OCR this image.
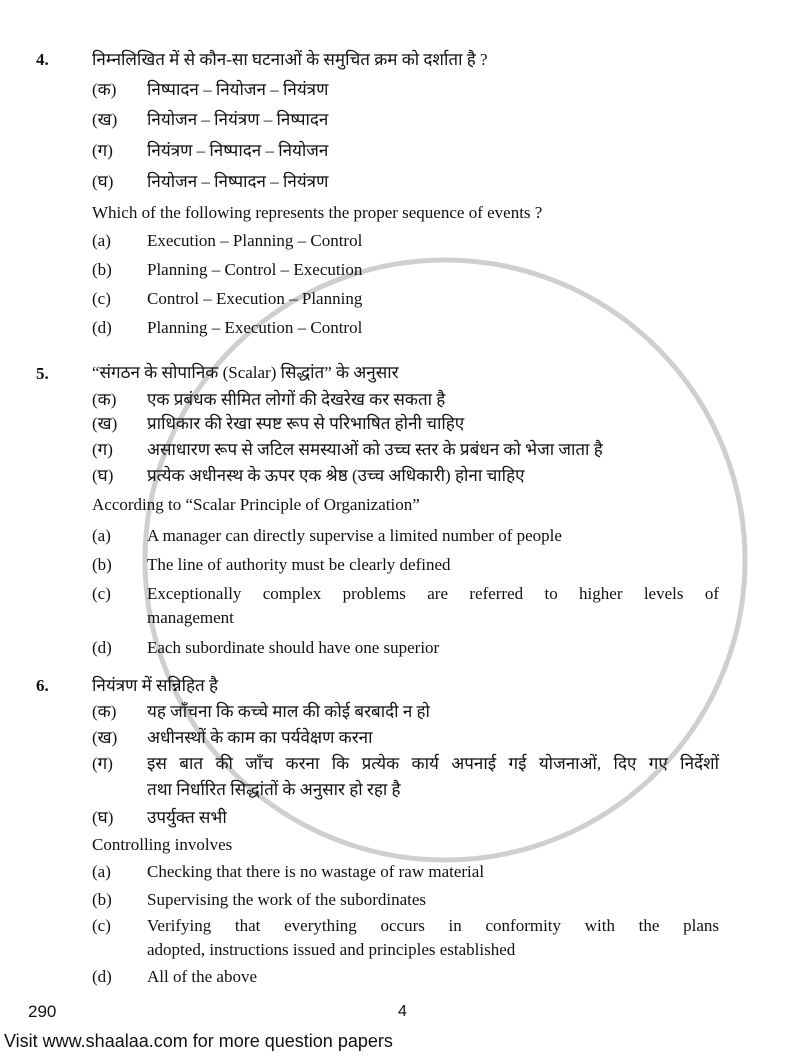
4.	निम्नलिखित में से कौन-सा घटनाओं के समुचित क्रम को दर्शाता है ?
(क) निष्पादन – नियोजन – नियंत्रण
(ख) नियोजन – नियंत्रण – निष्पादन
(ग) नियंत्रण – निष्पादन – नियोजन
(घ) नियोजन – निष्पादन – नियंत्रण
Which of the following represents the proper sequence of events ?
(a) Execution – Planning – Control
(b) Planning – Control – Execution
(c) Control – Execution – Planning
(d) Planning – Execution – Control
5.	“संगठन के सोपानिक (Scalar) सिद्धांत” के अनुसार
(क) एक प्रबंधक सीमित लोगों की देखरेख कर सकता है
(ख) प्राधिकार की रेखा स्पष्ट रूप से परिभाषित होनी चाहिए
(ग) असाधारण रूप से जटिल समस्याओं को उच्च स्तर के प्रबंधन को भेजा जाता है
(घ) प्रत्येक अधीनस्थ के ऊपर एक श्रेष्ठ (उच्च अधिकारी) होना चाहिए
According to “Scalar Principle of Organization”
(a) A manager can directly supervise a limited number of people
(b) The line of authority must be clearly defined
(c) Exceptionally complex problems are referred to higher levels of
management
(d) Each subordinate should have one superior
6.	नियंत्रण में सन्निहित है
(क) यह जाँचना कि कच्चे माल की कोई बरबादी न हो
(ख) अधीनस्थों के काम का पर्यवेक्षण करना
(ग) इस बात की जाँच करना कि प्रत्येक कार्य अपनाई गई योजनाओं, दिए गए निर्देशों
तथा निर्धारित सिद्धांतों के अनुसार हो रहा है
(घ) उपर्युक्त सभी
Controlling involves
(a) Checking that there is no wastage of raw material
(b) Supervising the work of the subordinates
(c) Verifying that everything occurs in conformity with the plans
adopted, instructions issued and principles established
(d) All of the above
290	4
Visit www.shaalaa.com for more question papers
